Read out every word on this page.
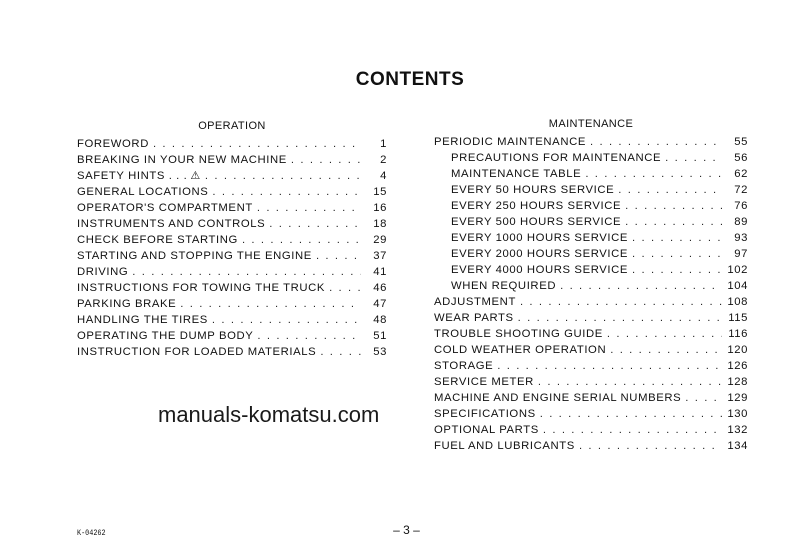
CONTENTS
OPERATION
FOREWORD . . .	1
BREAKING IN YOUR NEW MACHINE . . .	2
SAFETY HINTS . . . ⚠ . . .	4
GENERAL LOCATIONS . . .	15
OPERATOR'S COMPARTMENT . . .	16
INSTRUMENTS AND CONTROLS . . .	18
CHECK BEFORE STARTING . . .	29
STARTING AND STOPPING THE ENGINE . . .	37
DRIVING . . .	41
INSTRUCTIONS FOR TOWING THE TRUCK . . .	46
PARKING BRAKE . . .	47
HANDLING THE TIRES . . .	48
OPERATING THE DUMP BODY . . .	51
INSTRUCTION FOR LOADED MATERIALS . . .	53
MAINTENANCE
PERIODIC MAINTENANCE . . .	55
PRECAUTIONS FOR MAINTENANCE . . .	56
MAINTENANCE TABLE . . .	62
EVERY 50 HOURS SERVICE . . .	72
EVERY 250 HOURS SERVICE . . .	76
EVERY 500 HOURS SERVICE . . .	89
EVERY 1000 HOURS SERVICE . . .	93
EVERY 2000 HOURS SERVICE . . .	97
EVERY 4000 HOURS SERVICE . . .	102
WHEN REQUIRED . . .	104
ADJUSTMENT . . .	108
WEAR PARTS . . .	115
TROUBLE SHOOTING GUIDE . . .	116
COLD WEATHER OPERATION . . .	120
STORAGE . . .	126
SERVICE METER . . .	128
MACHINE AND ENGINE SERIAL NUMBERS . . .	129
SPECIFICATIONS . . .	130
OPTIONAL PARTS . . .	132
FUEL AND LUBRICANTS . . .	134
manuals-komatsu.com
K-04262	– 3 –
